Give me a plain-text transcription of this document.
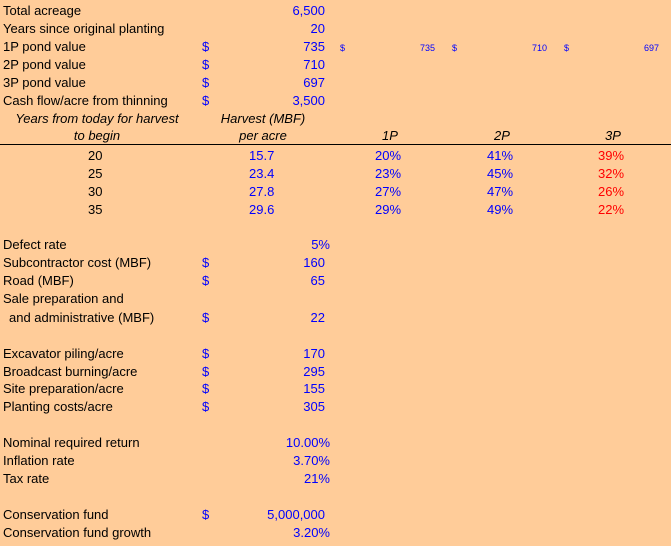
Total acreage	6,500
Years since original planting	20
1P pond value	$	735 $	735 $	710 $	697
2P pond value	$	710
3P pond value	$	697
Cash flow/acre from thinning	$	3,500
Years from today for harvest
to begin
Harvest (MBF)
per acre	1P	2P	3P
20	15.7	20%	41%	39%
25	23.4	23%	45%	32%
30	27.8	27%	47%	26%
35	29.6	29%	49%	22%
Defect rate	5%
Subcontractor cost (MBF)	$	160
Road (MBF)	$	65
Sale preparation and
and administrative (MBF)	$	22
Excavator piling/acre	$	170
Broadcast burning/acre	$	295
Site preparation/acre	$	155
Planting costs/acre	$	305
Nominal required return	10.00%
Inflation rate	3.70%
Tax rate	21%
Conservation fund	$	5,000,000
Conservation fund growth	3.20%
